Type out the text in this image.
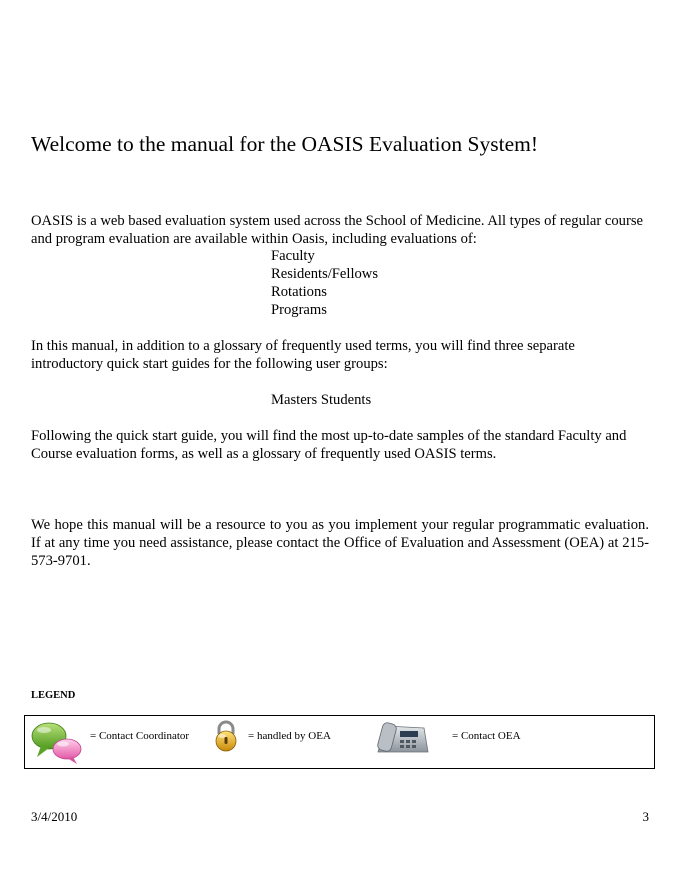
Welcome to the manual for the OASIS Evaluation System!

OASIS is a web based evaluation system used across the School of Medicine. All types of regular course and program evaluation are available within Oasis, including evaluations of:

Faculty
Residents/Fellows
Rotations
Programs

In this manual, in addition to a glossary of frequently used terms, you will find three separate introductory quick start guides for the following user groups:

Masters Students

Following the quick start guide, you will find the most up-to-date samples of the standard Faculty and Course evaluation forms, as well as a glossary of frequently used OASIS terms.

We hope this manual will be a resource to you as you implement your regular programmatic evaluation. If at any time you need assistance, please contact the Office of Evaluation and Assessment (OEA) at 215-573-9701.

LEGEND
= Contact Coordinator	= handled by OEA	= Contact OEA
3/4/2010	3
